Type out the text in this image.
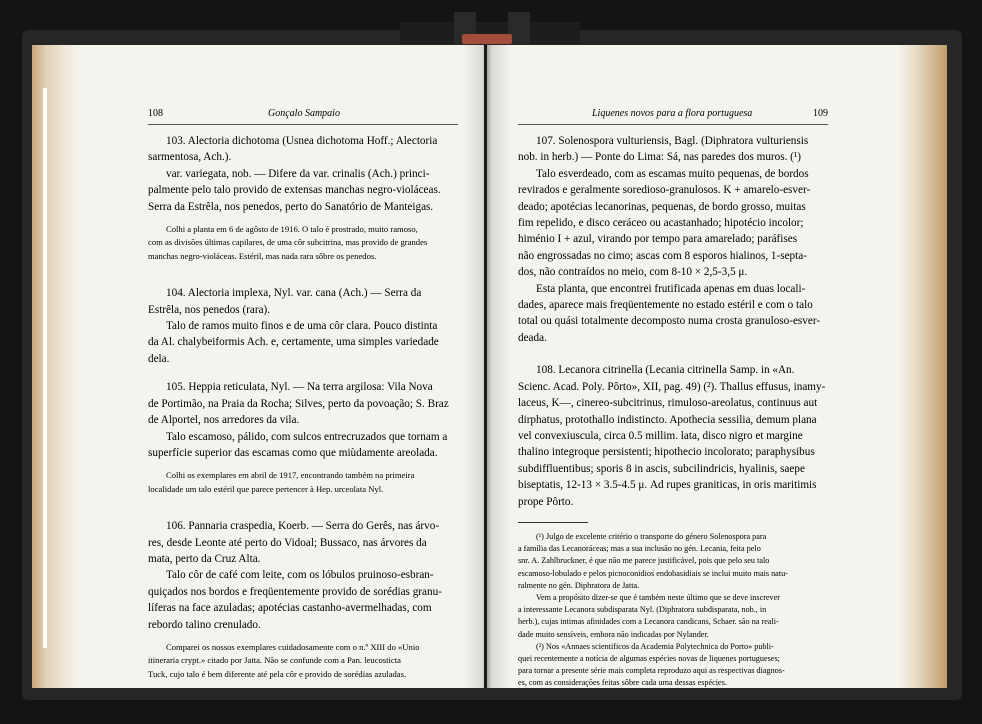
108	Gonçalo Sampaio

103. Alectoria dichotoma (Usnea dichotoma Hoff.; Alectoria

sarmentosa, Ach.).

var. variegata, nob. — Difere da var. crinalis (Ach.) princi-

palmente pelo talo provido de extensas manchas negro-violáceas.

Serra da Estrêla, nos penedos, perto do Sanatório de Manteigas.

Colhi a planta em 6 de agôsto de 1916. O talo é prostrado, muito ramoso,

com as divisões últimas capilares, de uma côr subcitrina, mas provido de grandes

manchas negro-violáceas. Estéril, mas nada rara sôbre os penedos.

104. Alectoria implexa, Nyl. var. cana (Ach.) — Serra da

Estrêla, nos penedos (rara).

Talo de ramos muito finos e de uma côr clara. Pouco distinta

da Al. chalybeiformis Ach. e, certamente, uma simples variedade

dela.

105. Heppia reticulata, Nyl. — Na terra argilosa: Vila Nova

de Portimão, na Praia da Rocha; Silves, perto da povoação; S. Braz

de Alportel, nos arredores da vila.

Talo escamoso, pálido, com sulcos entrecruzados que tornam a

superfície superior das escamas como que miùdamente areolada.

Colhi os exemplares em abril de 1917, encontrando também na primeira

localidade um talo estéril que parece pertencer à Hep. urceolata Nyl.

106. Pannaria craspedia, Koerb. — Serra do Gerês, nas árvo-

res, desde Leonte até perto do Vidoal; Bussaco, nas árvores da

mata, perto da Cruz Alta.

Talo côr de café com leite, com os lóbulos pruinoso-esbran-

quiçados nos bordos e freqüentemente provido de sorédias granu-

líferas na face azuladas; apotécias castanho-avermelhadas, com

rebordo talino crenulado.

Comparei os nossos exemplares cuidadosamente com o n.º XIII do «Unio

itineraria crypt.» citado por Jatta. Não se confunde com a Pan. leucosticta

Tuck, cujo talo é bem diferente até pela côr e provido de sorédias azuladas.

Liquenes novos para a flora portuguesa	109

107. Solenospora vulturiensis, Bagl. (Diphratora vulturiensis

nob. in herb.) — Ponte do Lima: Sá, nas paredes dos muros. (¹)

Talo esverdeado, com as escamas muito pequenas, de bordos

revirados e geralmente sorediosо-granulosos. K + amarelo-esver-

deado; apotécias lecanorinas, pequenas, de bordo grosso, muitas

fim repelido, e disco ceráceo ou acastanhado; hipotécio incolor;

himénio I + azul, virando por tempo para amarelado; paráfises

não engrossadas no cimo; ascas com 8 esporos hialinos, 1-septa-

dos, não contraídos no meio, com 8-10 × 2,5-3,5 μ.

Esta planta, que encontrei frutificada apenas em duas locali-

dades, aparece mais freqüentemente no estado estéril e com o talo

total ou quási totalmente decomposto numa crosta granuloso-esver-

deada.

108. Lecanora citrinella (Lecania citrinella Samp. in «An.

Scienc. Acad. Poly. Pôrto», XII, pag. 49) (²). Thallus effusus, inamy-

laceus, K—, cinereo-subcitrinus, rimuloso-areolatus, continuus aut

dirphatus, protothallo indistincto. Apothecia sessilia, demum plana

vel convexiuscula, circa 0.5 millim. lata, disco nigro et margine

thalino integroque persistenti; hipothecio incolorato; paraphysibus

subdiffluentibus; sporis 8 in ascis, subcilindricis, hyalinis, saepe

biseptatis, 12-13 × 3.5-4.5 μ. Ad rupes graniticas, in oris maritimis

prope Pôrto.

(¹) Julgo de excelente critério o transporte do género Solenospora para

a família das Lecanoráceas; mas a sua inclusão no gén. Lecania, feita pelo

snr. A. Zahlbruckner, é que não me parece justificável, pois que pelo seu talo

escamoso-lobulado e pelos picnoconidios endobasidiais se inclui muito mais natu-

ralmente no gén. Diphratora de Jatta.

Vem a propósito dizer-se que é também neste último que se deve inscrever

a interessante Lecanora subdisparata Nyl. (Diphratora subdisparata, nob., in

herb.), cujas intimas afinidades com a Lecanora candicans, Schaer. são na reali-

dade muito sensíveis, embora não indicadas por Nylander.

(²) Nos «Annaes scientificos da Academia Polytechnica do Porto» publi-

quei recentemente a notícia de algumas espécies novas de liquenes portugueses;

para tornar a presente série mais completa reproduzo aqui as respectivas diagnos-

es, com as considerações feitas sôbre cada uma dessas espécies.
